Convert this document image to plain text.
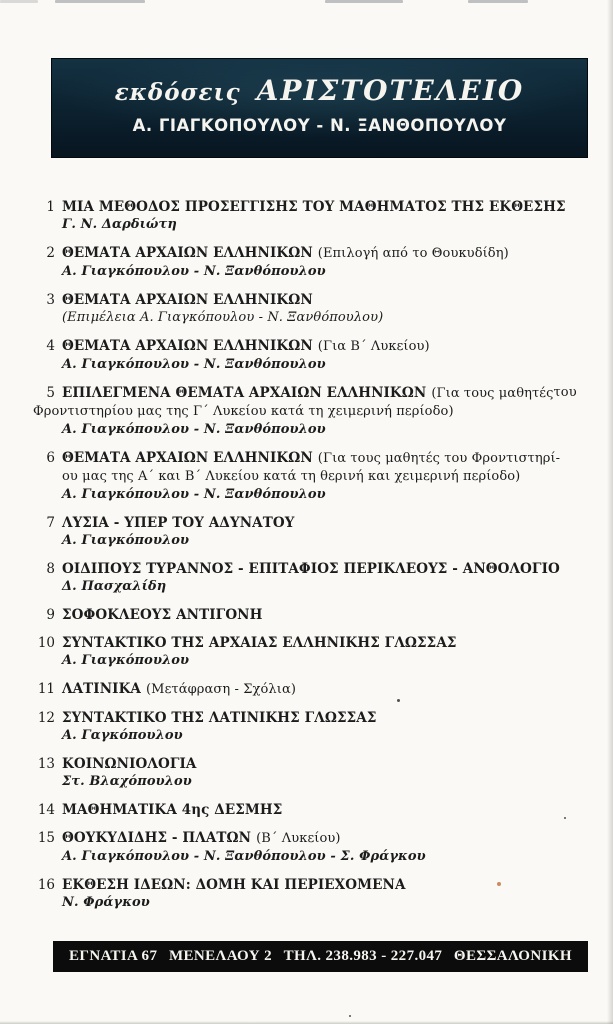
εκδόσεις ΑΡΙΣΤΟΤΕΛΕΙΟ
Α. ΓΙΑΓΚΟΠΟΥΛΟΥ - Ν. ΞΑΝΘΟΠΟΥΛΟΥ
1 ΜΙΑ ΜΕΘΟΔΟΣ ΠΡΟΣΕΓΓΙΣΗΣ ΤΟΥ ΜΑΘΗΜΑΤΟΣ ΤΗΣ ΕΚΘΕΣΗΣ
Γ. Ν. Δαρδιώτη
2 ΘΕΜΑΤΑ ΑΡΧΑΙΩΝ ΕΛΛΗΝΙΚΩΝ (Επιλογή από το Θουκυδίδη)
Α. Γιαγκόπουλου - Ν. Ξανθόπουλου
3 ΘΕΜΑΤΑ ΑΡΧΑΙΩΝ ΕΛΛΗΝΙΚΩΝ
(Επιμέλεια Α. Γιαγκόπουλου - Ν. Ξανθόπουλου)
4 ΘΕΜΑΤΑ ΑΡΧΑΙΩΝ ΕΛΛΗΝΙΚΩΝ (Για Β΄ Λυκείου)
Α. Γιαγκόπουλου - Ν. Ξανθόπουλου
5 ΕΠΙΛΕΓΜΕΝΑ ΘΕΜΑΤΑ ΑΡΧΑΙΩΝ ΕΛΛΗΝΙΚΩΝ (Για τους μαθητές του
Φροντιστηρίου μας της Γ΄ Λυκείου κατά τη χειμερινή περίοδο)
Α. Γιαγκόπουλου - Ν. Ξανθόπουλου
6 ΘΕΜΑΤΑ ΑΡΧΑΙΩΝ ΕΛΛΗΝΙΚΩΝ (Για τους μαθητές του Φροντιστηρί-
ου μας της Α΄ και Β΄ Λυκείου κατά τη θερινή και χειμερινή περίοδο)
Α. Γιαγκόπουλου - Ν. Ξανθόπουλου
7 ΛΥΣΙΑ - ΥΠΕΡ ΤΟΥ ΑΔΥΝΑΤΟΥ
Α. Γιαγκόπουλου
8 ΟΙΔΙΠΟΥΣ ΤΥΡΑΝΝΟΣ - ΕΠΙΤΑΦΙΟΣ ΠΕΡΙΚΛΕΟΥΣ - ΑΝΘΟΛΟΓΙΟ
Δ. Πασχαλίδη
9 ΣΟΦΟΚΛΕΟΥΣ ΑΝΤΙΓΟΝΗ
10 ΣΥΝΤΑΚΤΙΚΟ ΤΗΣ ΑΡΧΑΙΑΣ ΕΛΛΗΝΙΚΗΣ ΓΛΩΣΣΑΣ
Α. Γιαγκόπουλου
11 ΛΑΤΙΝΙΚΑ (Μετάφραση - Σχόλια)
12 ΣΥΝΤΑΚΤΙΚΟ ΤΗΣ ΛΑΤΙΝΙΚΗΣ ΓΛΩΣΣΑΣ
Α. Γαγκόπουλου
13 ΚΟΙΝΩΝΙΟΛΟΓΙΑ
Στ. Βλαχόπουλου
14 ΜΑΘΗΜΑΤΙΚΑ 4ης ΔΕΣΜΗΣ
15 ΘΟΥΚΥΔΙΔΗΣ - ΠΛΑΤΩΝ (Β΄ Λυκείου)
Α. Γιαγκόπουλου - Ν. Ξανθόπουλου - Σ. Φράγκου
16 ΕΚΘΕΣΗ ΙΔΕΩΝ: ΔΟΜΗ ΚΑΙ ΠΕΡΙΕΧΟΜΕΝΑ
Ν. Φράγκου
ΕΓΝΑΤΙΑ 67 ΜΕΝΕΛΑΟΥ 2 ΤΗΛ. 238.983 - 227.047 ΘΕΣΣΑΛΟΝΙΚΗ
